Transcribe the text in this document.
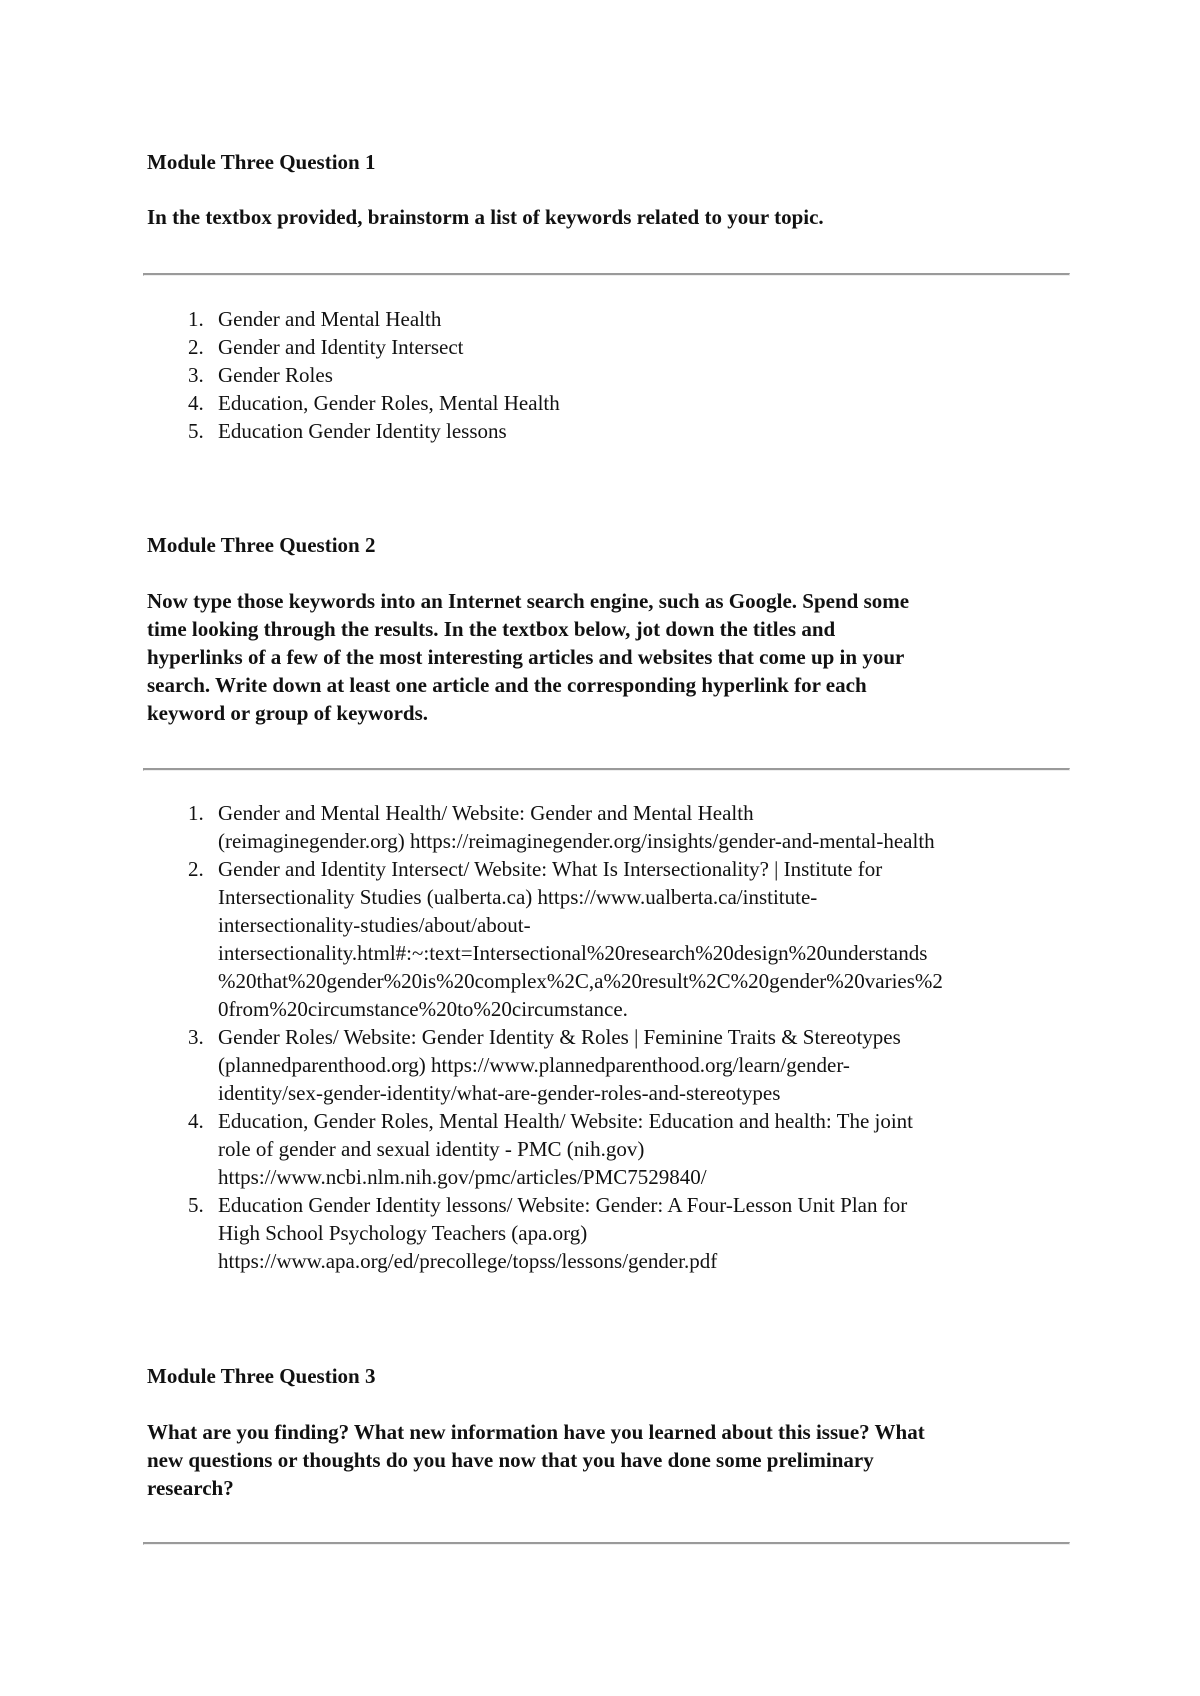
Module Three Question 1

In the textbox provided, brainstorm a list of keywords related to your topic.

1. Gender and Mental Health
2. Gender and Identity Intersect
3. Gender Roles
4. Education, Gender Roles, Mental Health
5. Education Gender Identity lessons
Module Three Question 2
Now type those keywords into an Internet search engine, such as Google. Spend some
time looking through the results. In the textbox below, jot down the titles and
hyperlinks of a few of the most interesting articles and websites that come up in your
search. Write down at least one article and the corresponding hyperlink for each
keyword or group of keywords.
1. Gender and Mental Health/ Website: Gender and Mental Health
(reimaginegender.org) https://reimaginegender.org/insights/gender-and-mental-health
2. Gender and Identity Intersect/ Website: What Is Intersectionality? | Institute for
Intersectionality Studies (ualberta.ca) https://www.ualberta.ca/institute-
intersectionality-studies/about/about-
intersectionality.html#:~:text=Intersectional%20research%20design%20understands
%20that%20gender%20is%20complex%2C,a%20result%2C%20gender%20varies%2
0from%20circumstance%20to%20circumstance.
3. Gender Roles/ Website: Gender Identity & Roles | Feminine Traits & Stereotypes
(plannedparenthood.org) https://www.plannedparenthood.org/learn/gender-
identity/sex-gender-identity/what-are-gender-roles-and-stereotypes
4. Education, Gender Roles, Mental Health/ Website: Education and health: The joint
role of gender and sexual identity - PMC (nih.gov)
https://www.ncbi.nlm.nih.gov/pmc/articles/PMC7529840/
5. Education Gender Identity lessons/ Website: Gender: A Four-Lesson Unit Plan for
High School Psychology Teachers (apa.org)
https://www.apa.org/ed/precollege/topss/lessons/gender.pdf
Module Three Question 3
What are you finding? What new information have you learned about this issue? What
new questions or thoughts do you have now that you have done some preliminary
research?
